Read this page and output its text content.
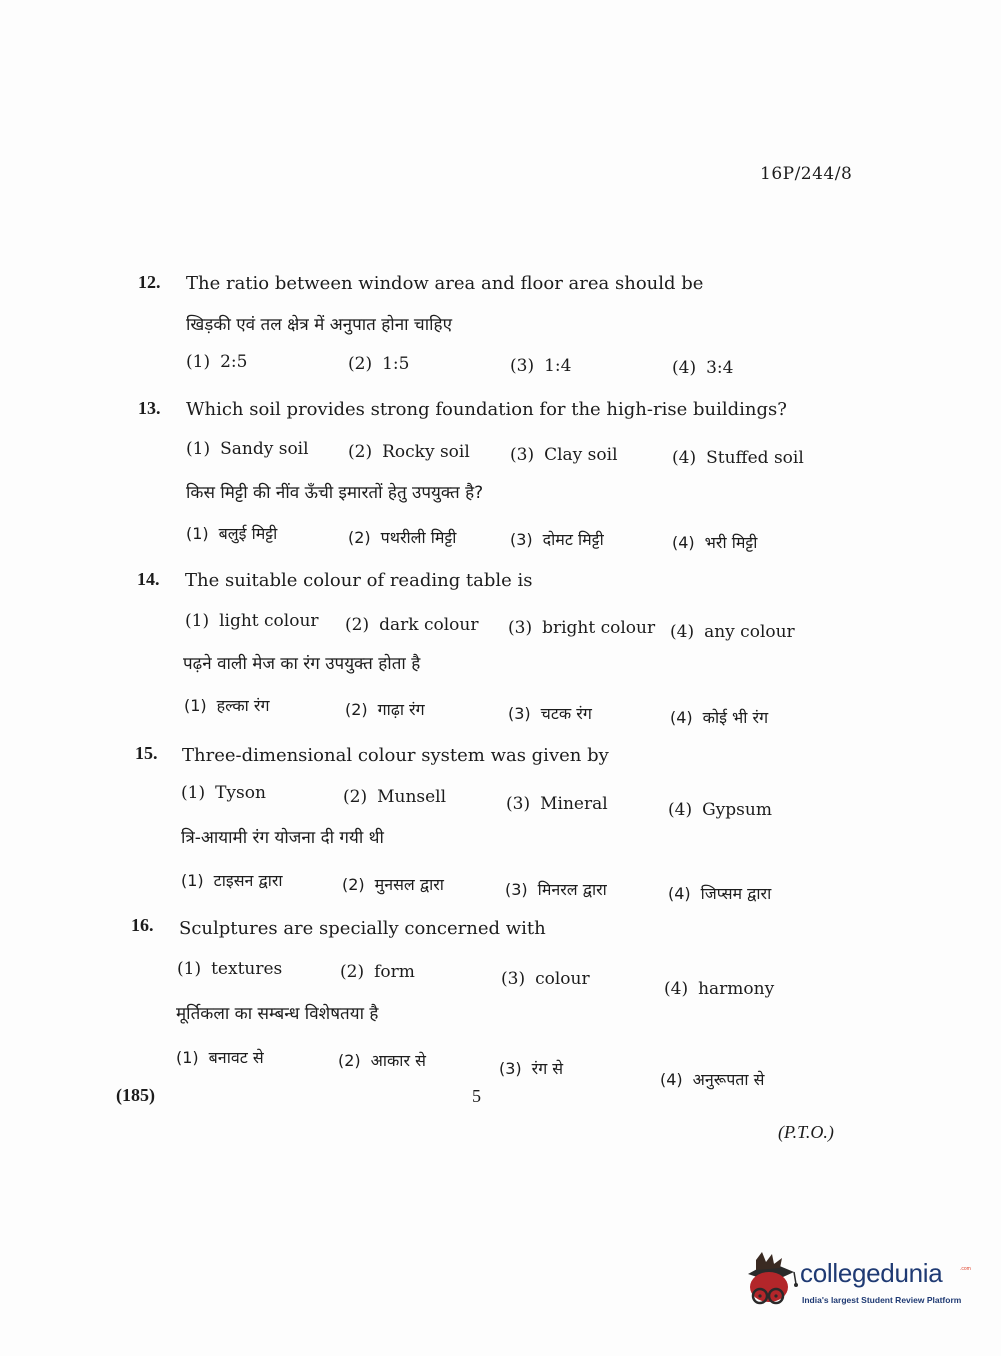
16P/244/8
12. The ratio between window area and floor area should be
खिड़की एवं तल क्षेत्र में अनुपात होना चाहिए
(1) 2:5	(2) 1:5	(3) 1:4	(4) 3:4
13. Which soil provides strong foundation for the high-rise buildings?
(1) Sandy soil (2) Rocky soil (3) Clay soil	(4) Stuffed soil
किस मिट्टी की नींव ऊँची इमारतों हेतु उपयुक्त है?
(1) बलुई मिट्टी	(2) पथरीली मिट्टी	(3) दोमट मिट्टी	(4) भरी मिट्टी
14. The suitable colour of reading table is
(1) light colour (2) dark colour (3) bright colour (4) any colour
पढ़ने वाली मेज का रंग उपयुक्त होता है
(1) हल्का रंग	(2) गाढ़ा रंग	(3) चटक रंग	(4) कोई भी रंग
15. Three-dimensional colour system was given by
(1) Tyson	(2) Munsell	(3) Mineral	(4) Gypsum
त्रि-आयामी रंग योजना दी गयी थी
(1) टाइसन द्वारा	(2) मुनसल द्वारा	(3) मिनरल द्वारा	(4) जिप्सम द्वारा
16. Sculptures are specially concerned with
(1) textures	(2) form	(3) colour	(4) harmony
मूर्तिकला का सम्बन्ध विशेषतया है
(1) बनावट से	(2) आकार से	(3) रंग से
(4) अनुरूपता से
(185)	5
(P.T.O.)
collegedunia	.com
India's largest Student Review Platform
